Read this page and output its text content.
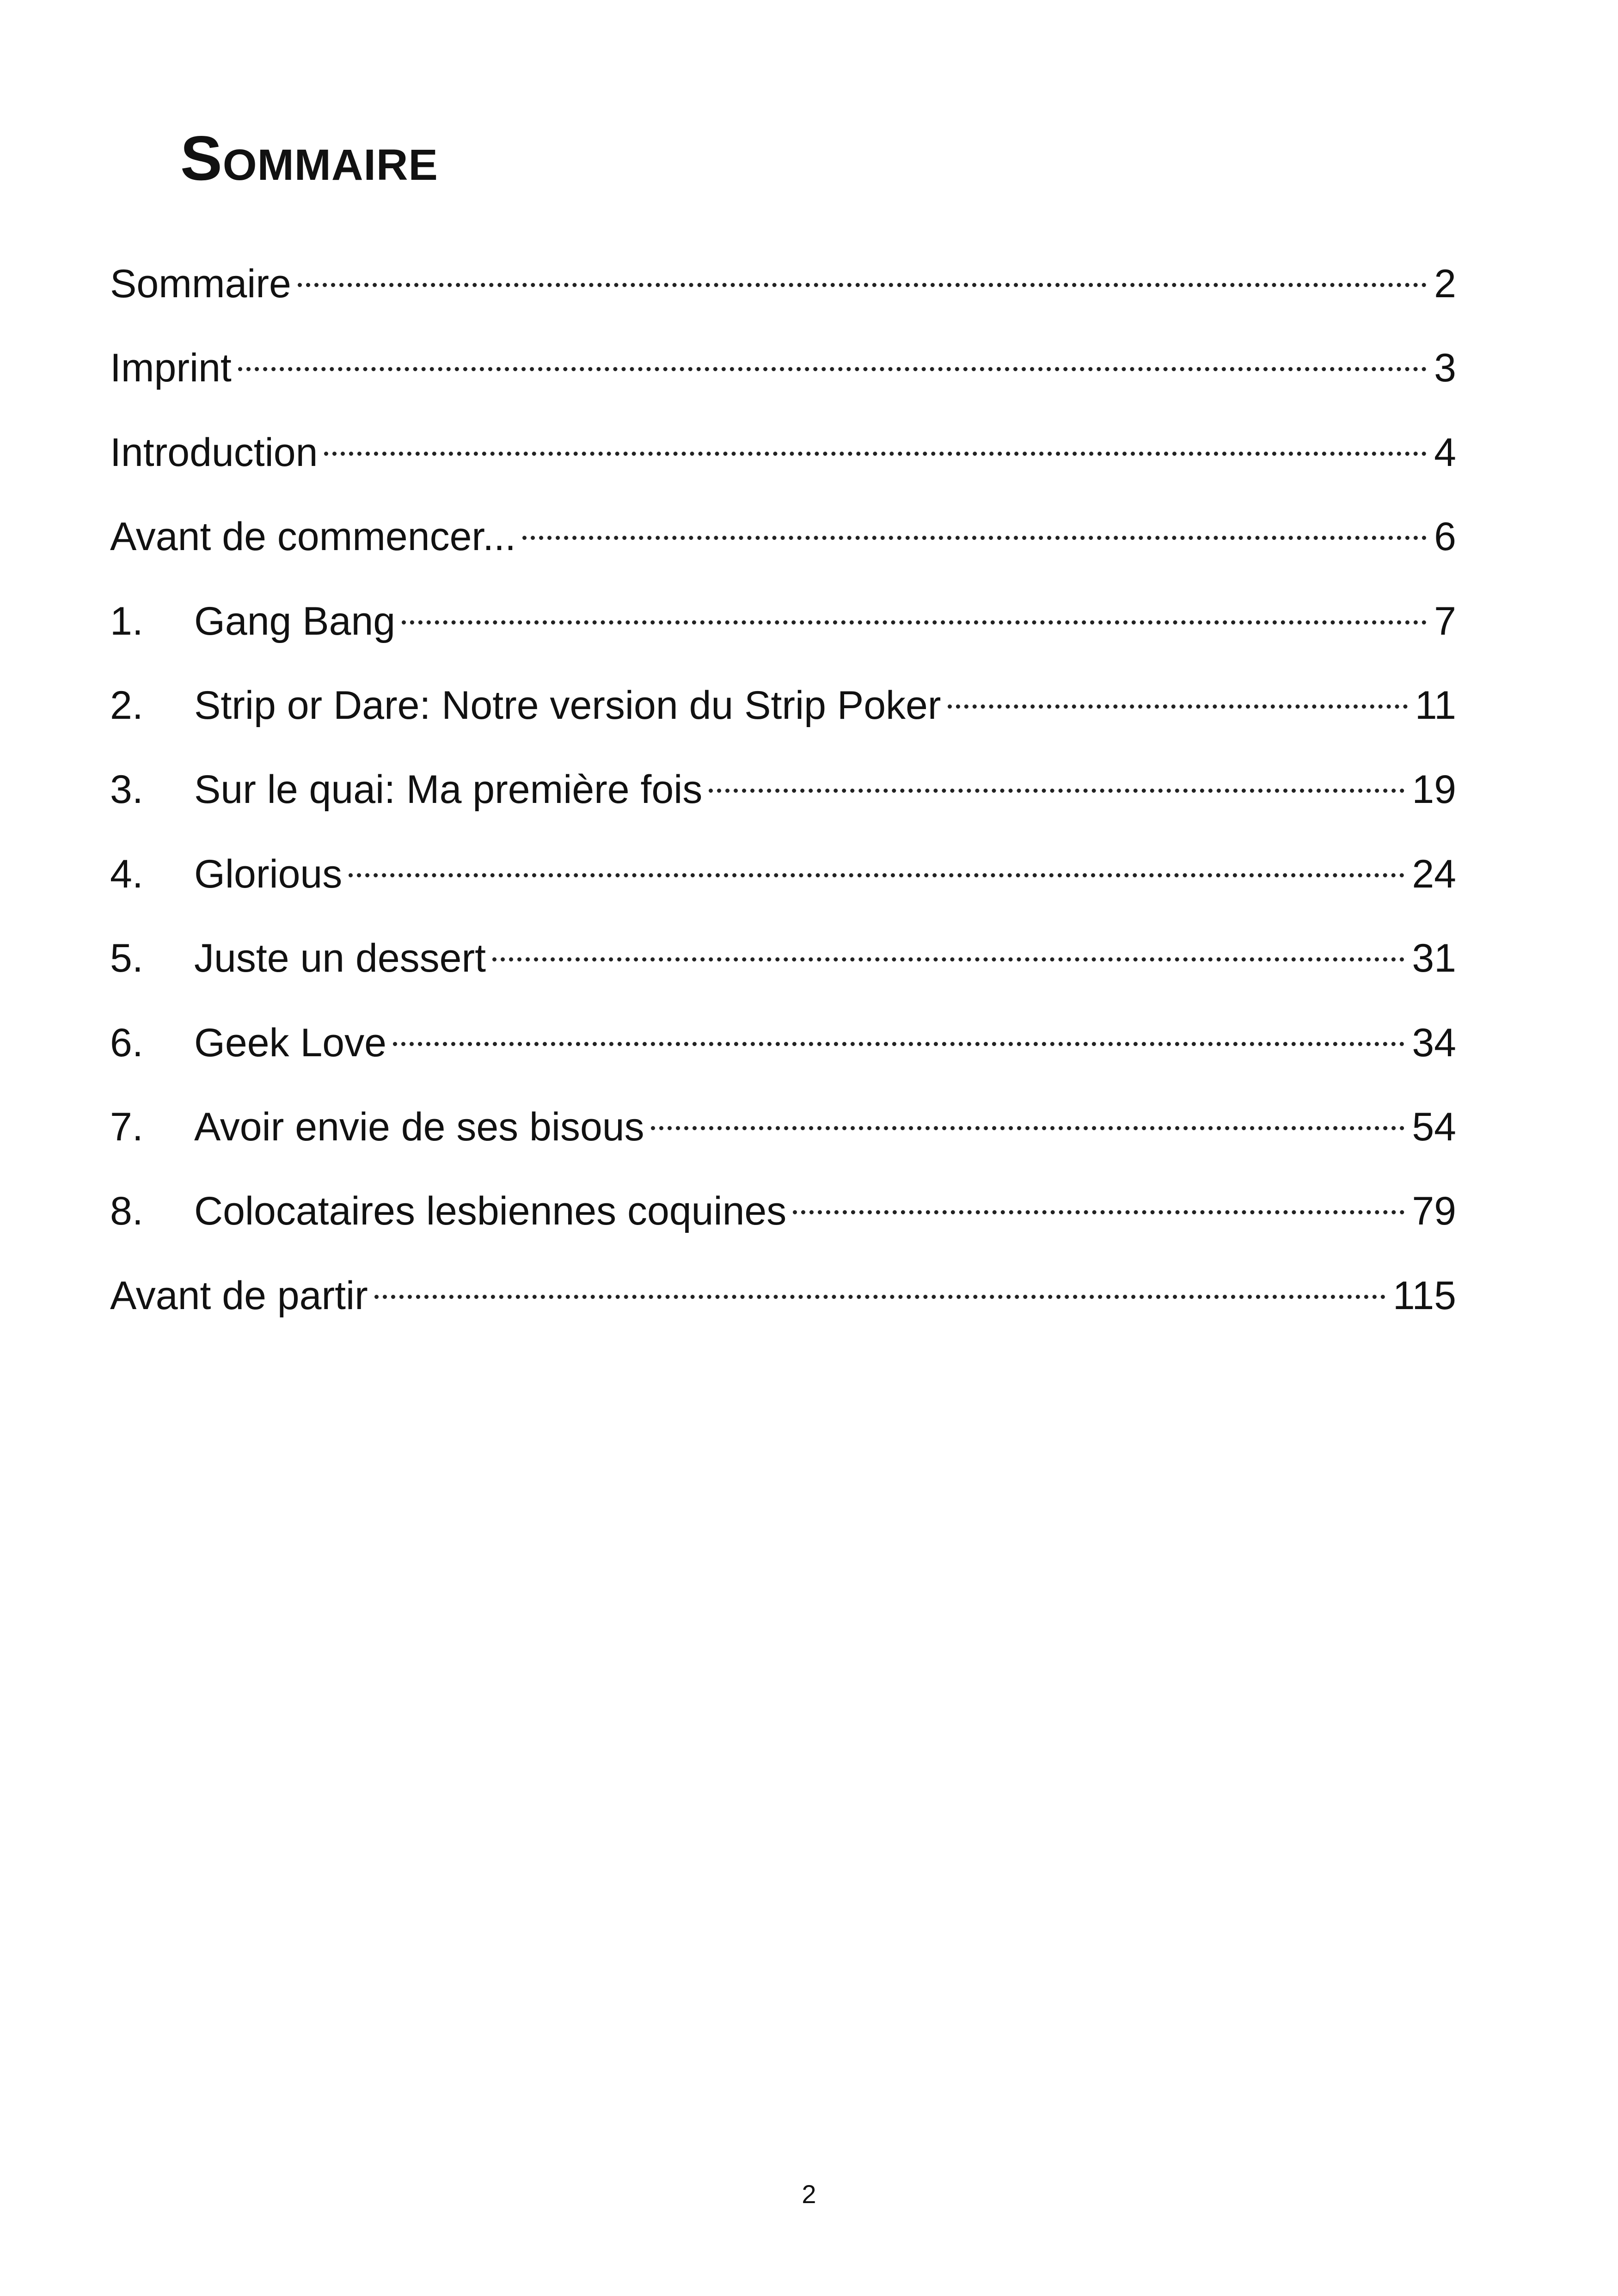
Sommaire
Sommaire	2
Imprint	3
Introduction	4
Avant de commencer...	6
1.	Gang Bang	7
2.	Strip or Dare: Notre version du Strip Poker	11
3.	Sur le quai: Ma première fois	19
4.	Glorious	24
5.	Juste un dessert	31
6.	Geek Love	34
7.	Avoir envie de ses bisous	54
8.	Colocataires lesbiennes coquines	79
Avant de partir	115
2
